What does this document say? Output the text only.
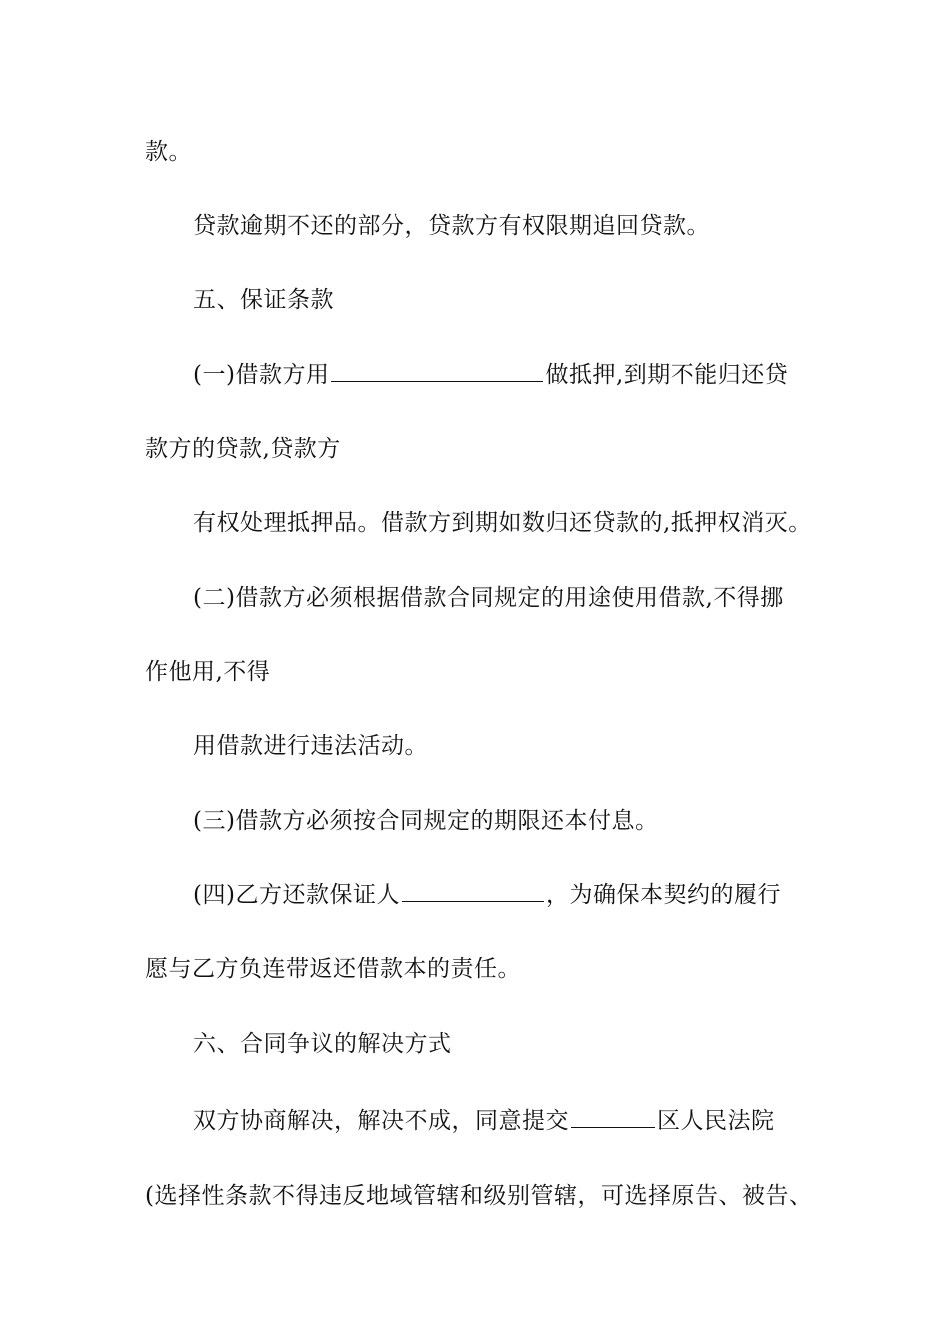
款。
贷款逾期不还的部分，贷款方有权限期追回贷款。
五、保证条款
(一)借款方用	做抵押,到期不能归还贷
款方的贷款,贷款方
有权处理抵押品。借款方到期如数归还贷款的,抵押权消灭。
(二)借款方必须根据借款合同规定的用途使用借款,不得挪
作他用,不得
用借款进行违法活动。
(三)借款方必须按合同规定的期限还本付息。
(四)乙方还款保证人	，为确保本契约的履行
愿与乙方负连带返还借款本的责任。
六、合同争议的解决方式
双方协商解决，解决不成，同意提交	区人民法院
(选择性条款不得违反地域管辖和级别管辖，可选择原告、被告、
